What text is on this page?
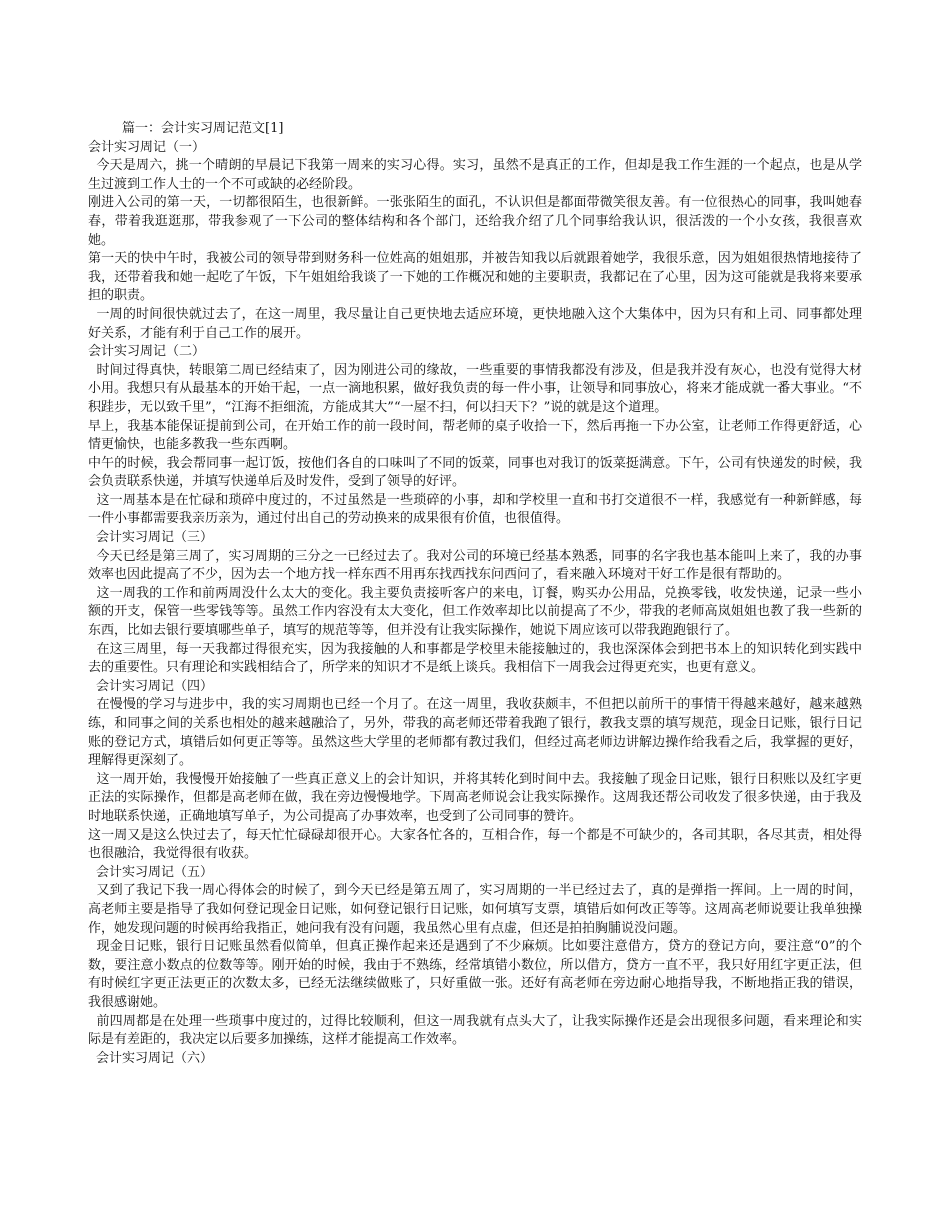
篇一：会计实习周记范文[1]
会计实习周记（一）

今天是周六，挑一个晴朗的早晨记下我第一周来的实习心得。实习，虽然不是真正的工作，但却是我工作生涯的一个起点，也是从学生过渡到工作人士的一个不可或缺的必经阶段。

刚进入公司的第一天，一切都很陌生，也很新鲜。一张张陌生的面孔，不认识但是都面带微笑很友善。有一位很热心的同事，我叫她春春，带着我逛逛那，带我参观了一下公司的整体结构和各个部门，还给我介绍了几个同事给我认识，很活泼的一个小女孩，我很喜欢她。

第一天的快中午时，我被公司的领导带到财务科一位姓高的姐姐那，并被告知我以后就跟着她学，我很乐意，因为姐姐很热情地接待了我，还带着我和她一起吃了午饭，下午姐姐给我谈了一下她的工作概况和她的主要职责，我都记在了心里，因为这可能就是我将来要承担的职责。

一周的时间很快就过去了，在这一周里，我尽量让自己更快地去适应环境，更快地融入这个大集体中，因为只有和上司、同事都处理好关系，才能有利于自己工作的展开。

会计实习周记（二）

时间过得真快，转眼第二周已经结束了，因为刚进公司的缘故，一些重要的事情我都没有涉及，但是我并没有灰心，也没有觉得大材小用。我想只有从最基本的开始干起，一点一滴地积累，做好我负责的每一件小事，让领导和同事放心，将来才能成就一番大事业。“不积跬步，无以致千里”，“江海不拒细流，方能成其大”“一屋不扫，何以扫天下？”说的就是这个道理。

早上，我基本能保证提前到公司，在开始工作的前一段时间，帮老师的桌子收拾一下，然后再拖一下办公室，让老师工作得更舒适，心情更愉快，也能多教我一些东西啊。

中午的时候，我会帮同事一起订饭，按他们各自的口味叫了不同的饭菜，同事也对我订的饭菜挺满意。下午，公司有快递发的时候，我会负责联系快递，并填写快递单后及时发件，受到了领导的好评。

这一周基本是在忙碌和琐碎中度过的，不过虽然是一些琐碎的小事，却和学校里一直和书打交道很不一样，我感觉有一种新鲜感，每一件小事都需要我亲历亲为，通过付出自己的劳动换来的成果很有价值，也很值得。

会计实习周记（三）

今天已经是第三周了，实习周期的三分之一已经过去了。我对公司的环境已经基本熟悉，同事的名字我也基本能叫上来了，我的办事效率也因此提高了不少，因为去一个地方找一样东西不用再东找西找东问西问了，看来融入环境对干好工作是很有帮助的。

这一周我的工作和前两周没什么太大的变化。我主要负责接听客户的来电，订餐，购买办公用品，兑换零钱，收发快递，记录一些小额的开支，保管一些零钱等等。虽然工作内容没有太大变化，但工作效率却比以前提高了不少，带我的老师高岚姐姐也教了我一些新的东西，比如去银行要填哪些单子，填写的规范等等，但并没有让我实际操作，她说下周应该可以带我跑跑银行了。

在这三周里，每一天我都过得很充实，因为我接触的人和事都是学校里未能接触过的，我也深深体会到把书本上的知识转化到实践中去的重要性。只有理论和实践相结合了，所学来的知识才不是纸上谈兵。我相信下一周我会过得更充实，也更有意义。

会计实习周记（四）

在慢慢的学习与进步中，我的实习周期也已经一个月了。在这一周里，我收获颇丰，不但把以前所干的事情干得越来越好，越来越熟练，和同事之间的关系也相处的越来越融洽了，另外，带我的高老师还带着我跑了银行，教我支票的填写规范，现金日记账，银行日记账的登记方式，填错后如何更正等等。虽然这些大学里的老师都有教过我们，但经过高老师边讲解边操作给我看之后，我掌握的更好，理解得更深刻了。

这一周开始，我慢慢开始接触了一些真正意义上的会计知识，并将其转化到时间中去。我接触了现金日记账，银行日积账以及红字更正法的实际操作，但都是高老师在做，我在旁边慢慢地学。下周高老师说会让我实际操作。这周我还帮公司收发了很多快递，由于我及时地联系快递，正确地填写单子，为公司提高了办事效率，也受到了公司同事的赞许。

这一周又是这么快过去了，每天忙忙碌碌却很开心。大家各忙各的，互相合作，每一个都是不可缺少的，各司其职，各尽其责，相处得也很融洽，我觉得很有收获。

会计实习周记（五）

又到了我记下我一周心得体会的时候了，到今天已经是第五周了，实习周期的一半已经过去了，真的是弹指一挥间。上一周的时间，高老师主要是指导了我如何登记现金日记账，如何登记银行日记账，如何填写支票，填错后如何改正等等。这周高老师说要让我单独操作，她发现问题的时候再给我指正，她问我有没有问题，我虽然心里有点虚，但还是拍拍胸脯说没问题。

现金日记账，银行日记账虽然看似简单，但真正操作起来还是遇到了不少麻烦。比如要注意借方，贷方的登记方向，要注意“0”的个数，要注意小数点的位数等等。刚开始的时候，我由于不熟练，经常填错小数位，所以借方，贷方一直不平，我只好用红字更正法，但有时候红字更正法更正的次数太多，已经无法继续做账了，只好重做一张。还好有高老师在旁边耐心地指导我，不断地指正我的错误，我很感谢她。

前四周都是在处理一些琐事中度过的，过得比较顺利，但这一周我就有点头大了，让我实际操作还是会出现很多问题，看来理论和实际是有差距的，我决定以后要多加操练，这样才能提高工作效率。

会计实习周记（六）
